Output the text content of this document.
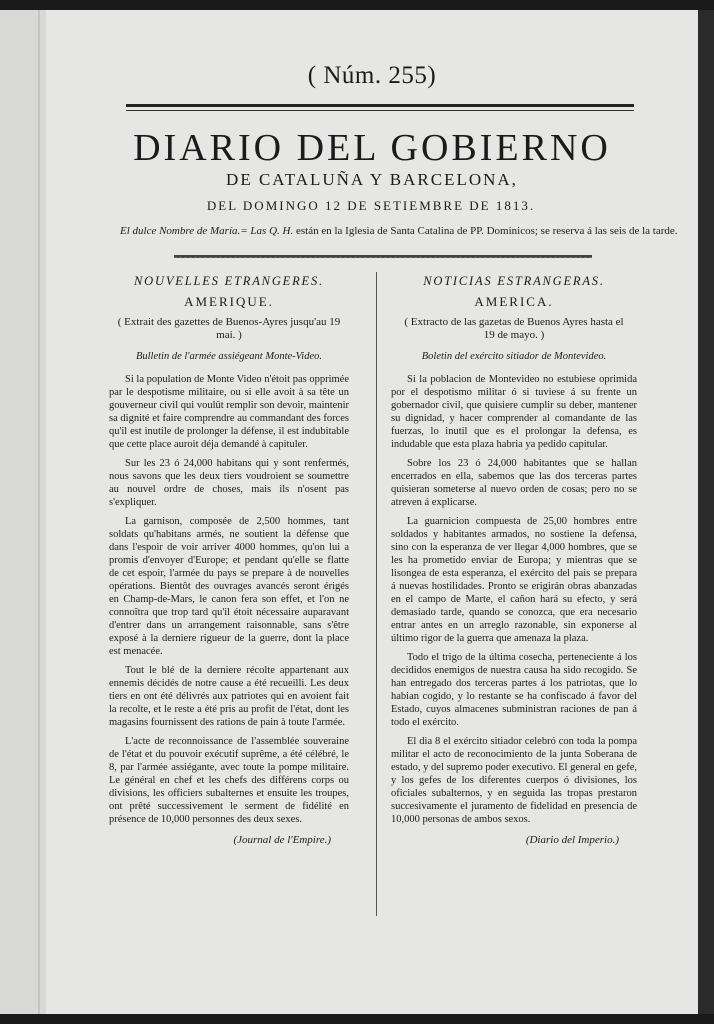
( Núm. 255)
DIARIO DEL GOBIERNO
DE CATALUÑA Y BARCELONA,
DEL DOMINGO 12 DE SETIEMBRE DE 1813.
El dulce Nombre de María.= Las Q. H. están en la Iglesia de Santa Catalina de PP. Dominicos; se reserva á las seis de la tarde.
NOUVELLES ETRANGERES.
AMERIQUE.
( Extrait des gazettes de Buenos-Ayres jusqu'au 19 mai. )
Bulletin de l'armée assiégeant Monte-Video.

Si la population de Monte Video n'étoit pas opprimée par le despotisme militaire, ou si elle avoit à sa tête un gouverneur civil qui voulût remplir son devoir, maintenir sa dignité et faire comprendre au commandant des forces qu'il est inutile de prolonger la défense, il est indubitable que cette place auroit déja demandé à capituler.

Sur les 23 ó 24,000 habitans qui y sont renfermés, nous savons que les deux tiers voudroient se soumettre au nouvel ordre de choses, mais ils n'osent pas s'expliquer.

La garnison, composée de 2,500 hommes, tant soldats qu'habitans armés, ne soutient la défense que dans l'espoir de voir arriver 4000 hommes, qu'on lui a promis d'envoyer d'Europe; et pendant qu'elle se flatte de cet espoir, l'armée du pays se prepare à de nouvelles opérations. Bientôt des ouvrages avancés seront érigés en Champ-de-Mars, le canon fera son effet, et l'on ne connoîtra que trop tard qu'il étoit nécessaire auparavant d'entrer dans un arrangement raisonnable, sans s'être exposé à la derniere rigueur de la guerre, dont la place est menacée.

Tout le blé de la derniere récolte appartenant aux ennemis décidés de notre cause a été recueilli. Les deux tiers en ont été délivrés aux patriotes qui en avoient fait la recolte, et le reste a été pris au profit de l'état, dont les magasins fournissent des rations de pain à toute l'armée.

L'acte de reconnoissance de l'assemblée souveraine de l'état et du pouvoir exécutif suprême, a été célébré, le 8, par l'armée assiégante, avec toute la pompe militaire. Le général en chef et les chefs des différens corps ou divisions, les officiers subalternes et ensuite les troupes, ont prêté successivement le serment de fidélité en présence de 10,000 personnes des deux sexes.

(Journal de l'Empire.)
NOTICIAS ESTRANGERAS.
AMERICA.
( Extracto de las gazetas de Buenos Ayres hasta el 19 de mayo. )
Boletin del exército sitiador de Montevideo.

Si la poblacion de Montevideo no estubiese oprimida por el despotismo militar ó si tuviese á su frente un gobernador civil, que quisiere cumplir su deber, mantener su dignidad, y hacer comprender al comandante de las fuerzas, lo inutil que es el prolongar la defensa, es indudable que esta plaza habria ya pedido capitular.

Sobre los 23 ó 24,000 habitantes que se hallan encerrados en ella, sabemos que las dos terceras partes quisieran someterse al nuevo orden de cosas; pero no se atreven á explicarse.

La guarnicion compuesta de 25,00 hombres entre soldados y habitantes armados, no sostiene la defensa, sino con la esperanza de ver llegar 4,000 hombres, que se les ha prometido enviar de Europa; y mientras que se lisongea de esta esperanza, el exército del pais se prepara á nuevas hostilidades. Pronto se erigirán obras abanzadas en el campo de Marte, el cañon hará su efecto, y será demasiado tarde, quando se conozca, que era necesario entrar antes en un arreglo razonable, sin exponerse al último rigor de la guerra que amenaza la plaza.

Todo el trigo de la última cosecha, perteneciente á los decididos enemigos de nuestra causa ha sido recogido. Se han entregado dos terceras partes á los patriotas, que lo habian cogido, y lo restante se ha confiscado á favor del Estado, cuyos almacenes subministran raciones de pan á todo el exército.

El dia 8 el exército sitiador celebró con toda la pompa militar el acto de reconocimiento de la junta Soberana de estado, y del supremo poder executivo. El general en gefe, y los gefes de los diferentes cuerpos ó divisiones, los oficiales subalternos, y en seguida las tropas prestaron succesivamente el juramento de fidelidad en presencia de 10,000 personas de ambos sexos.

(Diario del Imperio.)
